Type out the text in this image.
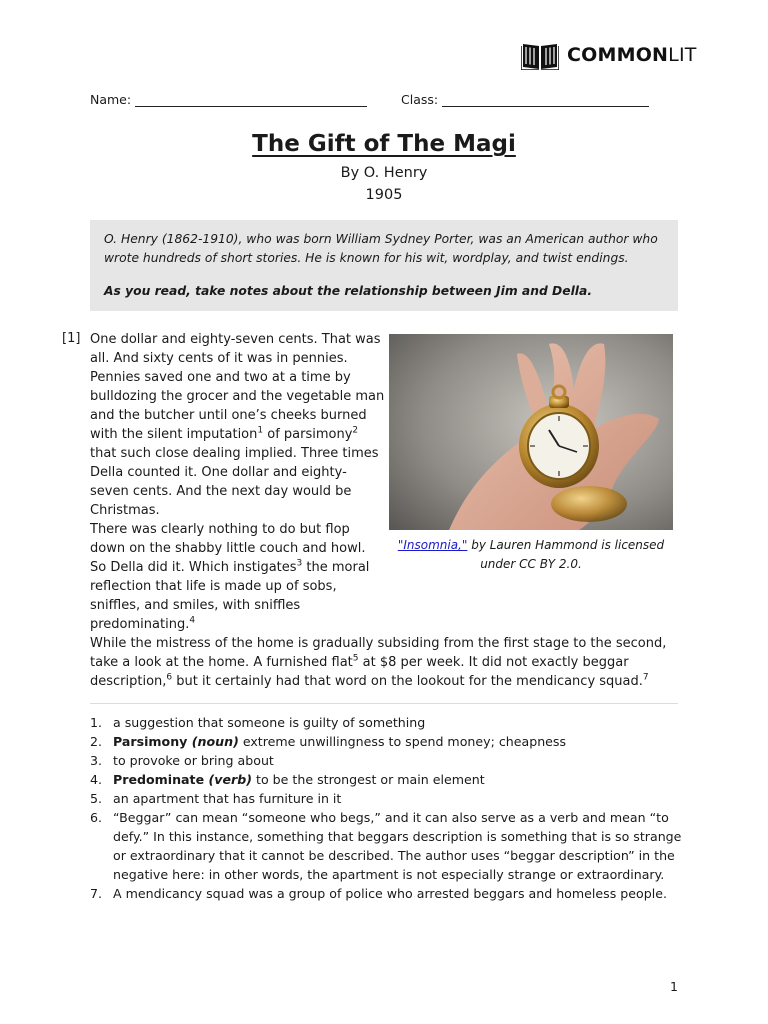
COMMONLIT
Name:	Class:
The Gift of The Magi
By O. Henry
1905

O. Henry (1862-1910), who was born William Sydney Porter, was an American author who wrote hundreds of short stories. He is known for his wit, wordplay, and twist endings.

As you read, take notes about the relationship between Jim and Della.

[1] One dollar and eighty-seven cents. That was all. And sixty cents of it was in pennies. Pennies saved one and two at a time by bulldozing the grocer and the vegetable man and the butcher until one’s cheeks burned with the silent imputation$^1$ of parsimony$^2$ that such close dealing implied. Three times Della counted it. One dollar and eighty-seven cents. And the next day would be Christmas.

There was clearly nothing to do but flop down on the shabby little couch and howl. So Della did it. Which instigates$^3$ the moral reflection that life is made up of sobs, sniffles, and smiles, with sniffles predominating.$^4$

"Insomnia," by Lauren Hammond is licensed under CC BY 2.0.

While the mistress of the home is gradually subsiding from the first stage to the second, take a look at the home. A furnished flat$^5$ at $8 per week. It did not exactly beggar description,$^6$ but it certainly had that word on the lookout for the mendicancy squad.$^7$

1. a suggestion that someone is guilty of something
2. Parsimony (noun) extreme unwillingness to spend money; cheapness
3. to provoke or bring about
4. Predominate (verb) to be the strongest or main element
5. an apartment that has furniture in it
6. “Beggar” can mean “someone who begs,” and it can also serve as a verb and mean “to defy.” In this instance, something that beggars description is something that is so strange or extraordinary that it cannot be described. The author uses “beggar description” in the negative here: in other words, the apartment is not especially strange or extraordinary.
7. A mendicancy squad was a group of police who arrested beggars and homeless people.
1
